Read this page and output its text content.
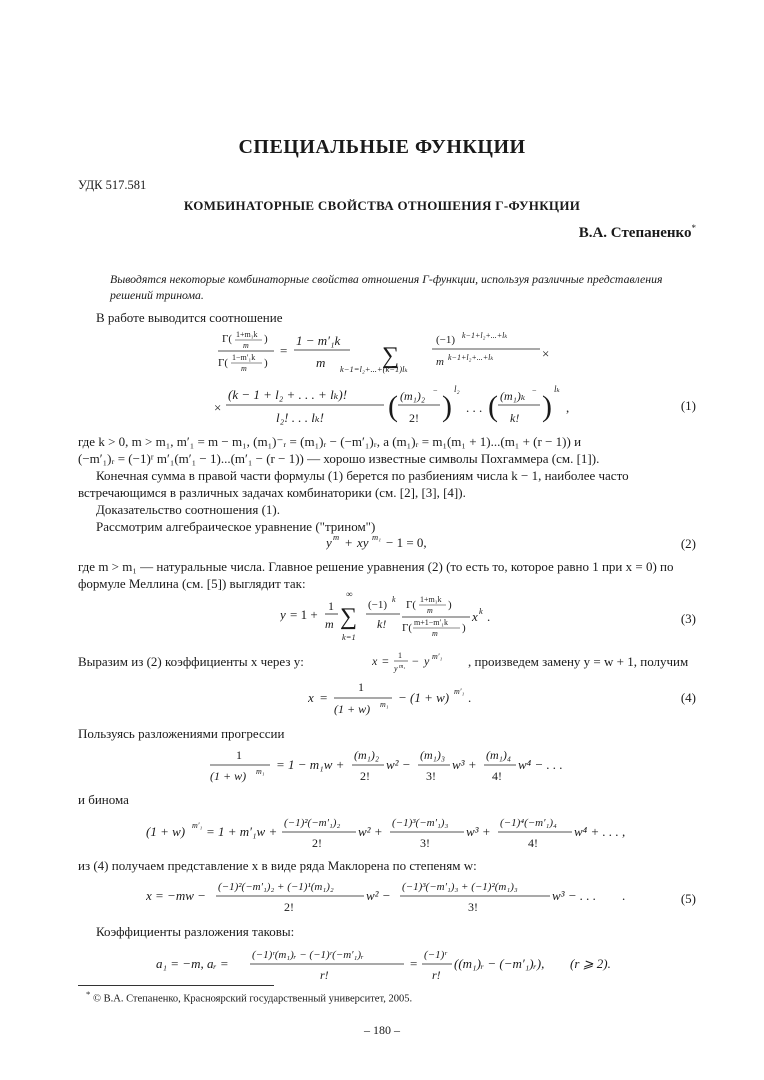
СПЕЦИАЛЬНЫЕ ФУНКЦИИ
УДК 517.581
КОМБИНАТОРНЫЕ СВОЙСТВА ОТНОШЕНИЯ Г-ФУНКЦИИ
В.А. Степаненко*
Выводятся некоторые комбинаторные свойства отношения Г-функции, используя различные представления решений тринома.
В работе выводится соотношение
Γ( 1+m₁k
m
)
Γ( 1−m′₁k
m )
=
1 − m′₁k
m ∑
(−1) k−1+l₂+...+lₖ
m k−1+l₂+...+lₖ	×
k−1=l₂+...+(k−1)lₖ
×
(k − 1 + l₂ + . . . + lₖ)!
l₂! . . . lₖ! ( (m₁)₂ −
2! )
l₂
. . . ( (m₁)ₖ −
k! )
lₖ
,	(1)
где k > 0, m > m₁, m′₁ = m − m₁, (m₁)⁻ᵣ = (m₁)ᵣ − (−m′₁)ᵣ, а (m₁)ᵣ = m₁(m₁ + 1)...(m₁ + (r − 1)) и
(−m′₁)ᵣ = (−1)ʳ m′₁(m′₁ − 1)...(m′₁ − (r − 1)) — хорошо известные символы Похгаммера (см. [1]).
Конечная сумма в правой части формулы (1) берется по разбиениям числа k − 1, наиболее часто встречающимся в различных задачах комбинаторики (см. [2], [3], [4]).
Доказательство соотношения (1).
Рассмотрим алгебраическое уравнение ("трином")
y m + xy m₁ − 1 = 0,	(2)
где m > m₁ — натуральные числа. Главное решение уравнения (2) (то есть то, которое равно 1 при x = 0) по формуле Меллина (см. [5]) выглядит так:
y = 1 +
1
m
∞
∑
k=1
(−1) k
k!
Γ( 1+m₁k
m )
Γ( m+1−m′₁k
m )
x k .	(3)
Выразим из (2) коэффициенты x через y:	x = 1
y m₁ − y m′₁ , произведем замену y = w + 1, получим
x =
1
(1 + w) m₁ − (1 + w) m′₁ .	(4)
Пользуясь разложениями прогрессии
1
(1 + w) m₁ = 1 − m₁w +
(m₁)₂
2!
w² −
(m₁)₃
3!
w³ +
(m₁)₄
4!
w⁴ − . . .
и бинома
(1 + w) m′₁ = 1 + m′₁w +
(−1)²(−m′₁)₂
2!
w² +
(−1)³(−m′₁)₃
3!
w³ +
(−1)⁴(−m′₁)₄
4!
w⁴ + . . . ,
из (4) получаем представление x в виде ряда Маклорена по степеням w:
x = −mw −
(−1)²(−m′₁)₂ + (−1)¹(m₁)₂
2!
w² −
(−1)³(−m′₁)₃ + (−1)²(m₁)₃
3!
w³ − . . . .	(5)
Коэффициенты разложения таковы:
a₁ = −m, aᵣ =
(−1)ʳ(m₁)ᵣ − (−1)ʳ(−m′₁)ᵣ
r!
=
(−1)ʳ
r!
((m₁)ᵣ − (−m′₁)ᵣ), (r ⩾ 2).
* © В.А. Степаненко, Красноярский государственный университет, 2005.
– 180 –
